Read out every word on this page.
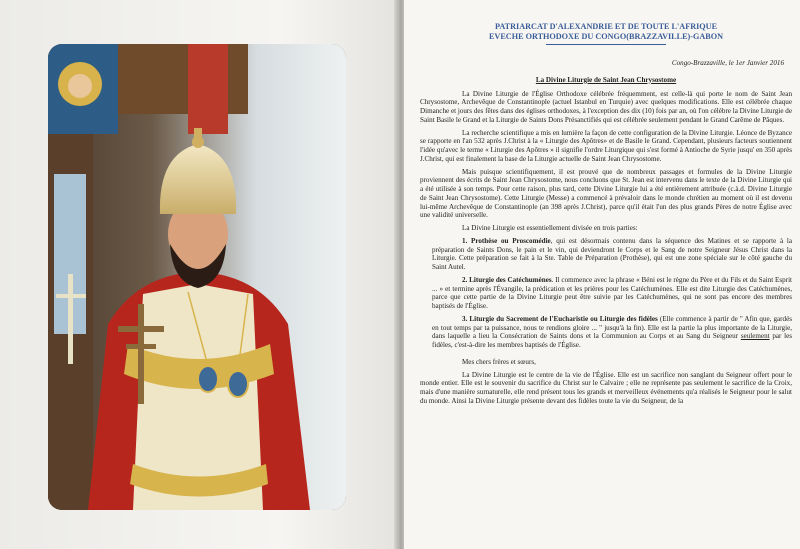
PATRIARCAT D'ALEXANDRIE ET DE TOUTE L'AFRIQUE
EVECHE ORTHODOXE DU CONGO(BRAZZAVILLE)-GABON
Congo-Brazzaville, le 1er Janvier 2016
La Divine Liturgie de Saint Jean Chrysostome

La Divine Liturgie de l'Église Orthodoxe célébrée fréquemment, est celle-là qui porte le nom de Saint Jean Chrysostome, Archevêque de Constantinople (actuel Istanbul en Turquie) avec quelques modifications. Elle est célébrée chaque Dimanche et jours des fêtes dans des églises orthodoxes, à l'exception des dix (10) fois par an, où l'on célèbre la Divine Liturgie de Saint Basile le Grand et la Liturgie de Saints Dons Présanctifiés qui est célébrée seulement pendant le Grand Carême de Pâques.

La recherche scientifique a mis en lumière la façon de cette configuration de la Divine Liturgie. Léonce de Byzance se rapporte en l'an 532 après J.Christ à la « Liturgie des Apôtres» et de Basile le Grand. Cependant, plusieurs facteurs soutiennent l'idée qu'avec le terme « Liturgie des Apôtres » il signifie l'ordre Liturgique qui s'est formé à Antioche de Syrie jusqu' en 350 après J.Christ, qui est finalement la base de la Liturgie actuelle de Saint Jean Chrysostome.

Mais puisque scientifiquement, il est prouvé que de nombreux passages et formules de la Divine Liturgie proviennent des écrits de Saint Jean Chrysostome, nous concluons que St. Jean est intervenu dans le texte de la Divine Liturgie qui a été utilisée à son temps. Pour cette raison, plus tard, cette Divine Liturgie lui a été entièrement attribuée (c.à.d. Divine Liturgie de Saint Jean Chrysostome). Cette Liturgie (Messe) a commencé à prévaloir dans le monde chrétien au moment où il est devenu lui-même Archevêque de Constantinople (an 398 après J.Christ), parce qu'il était l'un des plus grands Pères de notre Église avec une validité universelle.

La Divine Liturgie est essentiellement divisée en trois parties:

1. Prothèse ou Proscomédie, qui est désormais contenu dans la séquence des Matines et se rapporte à la préparation de Saints Dons, le pain et le vin, qui deviendront le Corps et le Sang de notre Seigneur Jésus Christ dans la Liturgie. Cette préparation se fait à la Ste. Table de Préparation (Prothèse), qui est une zone spéciale sur le côté gauche du Saint Autel.

2. Liturgie des Catéchumènes. Il commence avec la phrase « Béni est le règne du Père et du Fils et du Saint Esprit ... » et termine après l'Évangile, la prédication et les prières pour les Catéchumènes. Elle est dite Liturgie des Catéchumènes, parce que cette partie de la Divine Liturgie peut être suivie par les Catéchumènes, qui ne sont pas encore des membres baptisés de l'Église.

3. Liturgie du Sacrement de l'Eucharistie ou Liturgie des fidèles (Elle commence à partir de " Afin que, gardés en tout temps par ta puissance, nous te rendions gloire ... " jusqu'à la fin). Elle est la partie la plus importante de la Liturgie, dans laquelle a lieu la Consécration de Saints dons et la Communion au Corps et au Sang du Seigneur seulement par les fidèles, c'est-à-dire les membres baptisés de l'Église.

Mes chers frères et sœurs,

La Divine Liturgie est le centre de la vie de l'Église. Elle est un sacrifice non sanglant du Seigneur offert pour le monde entier. Elle est le souvenir du sacrifice du Christ sur le Calvaire ; elle ne représente pas seulement le sacrifice de la Croix, mais d'une manière surnaturelle, elle rend présent tous les grands et merveilleux événements qu'a réalisés le Seigneur pour le salut du monde. Ainsi la Divine Liturgie présente devant des fidèles toute la vie du Seigneur, de la
